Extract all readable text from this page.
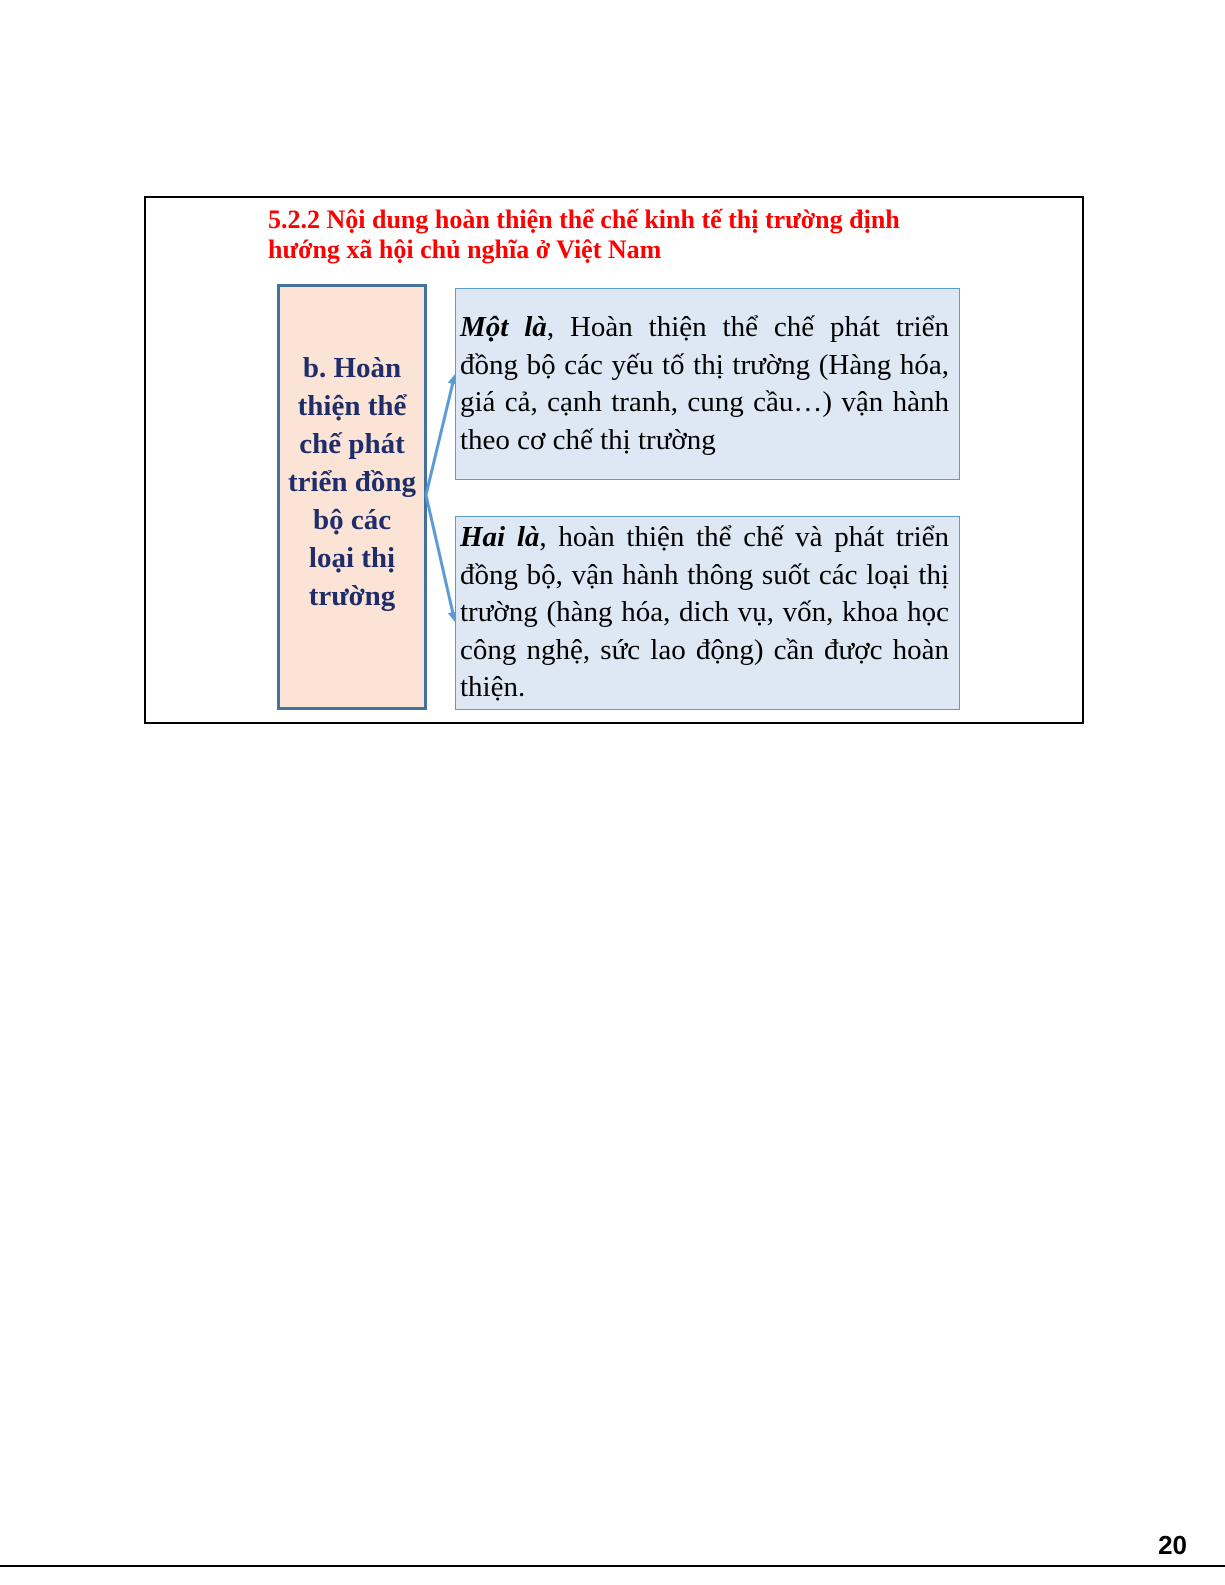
5.2.2 Nội dung hoàn thiện thể chế kinh tế thị trường định hướng xã hội chủ nghĩa ở Việt Nam
b. Hoàn thiện thể chế phát triển đồng bộ các loại thị trường
Một là, Hoàn thiện thể chế phát triển đồng bộ các yếu tố thị trường (Hàng hóa, giá cả, cạnh tranh, cung cầu…) vận hành theo cơ chế thị trường
Hai là, hoàn thiện thể chế và phát triển đồng bộ, vận hành thông suốt các loại thị trường (hàng hóa, dich vụ, vốn, khoa học công nghệ, sức lao động) cần được hoàn thiện.
20
